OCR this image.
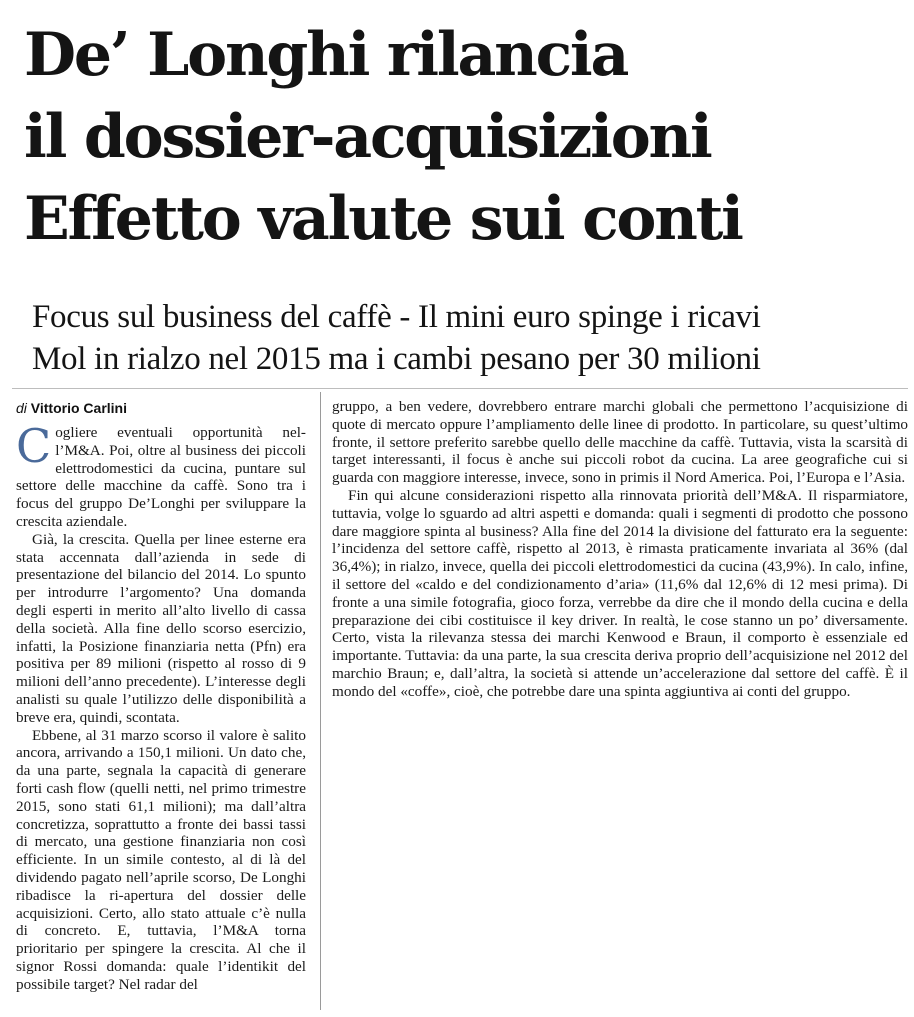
De’ Longhi rilancia
il dossier-acquisizioni
Effetto valute sui conti
Focus sul business del caffè - Il mini euro spinge i ricavi
Mol in rialzo nel 2015 ma i cambi pesano per 30 milioni
di Vittorio Carlini

Cogliere eventuali opportunità nel-l’M&A. Poi, oltre al business dei piccoli elettrodomestici da cucina, puntare sul settore delle macchine da caffè. Sono tra i focus del gruppo De’Longhi per sviluppare la crescita aziendale.

Già, la crescita. Quella per linee esterne era stata accennata dall’azienda in sede di presentazione del bilancio del 2014. Lo spunto per introdurre l’argomento? Una domanda degli esperti in merito all’alto livello di cassa della società. Alla fine dello scorso esercizio, infatti, la Posizione finanziaria netta (Pfn) era positiva per 89 milioni (rispetto al rosso di 9 milioni dell’anno precedente). L’interesse degli analisti su quale l’utilizzo delle disponibilità a breve era, quindi, scontata.

Ebbene, al 31 marzo scorso il valore è salito ancora, arrivando a 150,1 milioni. Un dato che, da una parte, segnala la capacità di generare forti cash flow (quelli netti, nel primo trimestre 2015, sono stati 61,1 milioni); ma dall’altra concretizza, soprattutto a fronte dei bassi tassi di mercato, una gestione finanziaria non così efficiente. In un simile contesto, al di là del dividendo pagato nell’aprile scorso, De Longhi ribadisce la ri-apertura del dossier delle acquisizioni. Certo, allo stato attuale c’è nulla di concreto. E, tuttavia, l’M&A torna prioritario per spingere la crescita. Al che il signor Rossi domanda: quale l’identikit del possibile target? Nel radar del

gruppo, a ben vedere, dovrebbero entrare marchi globali che permettono l’acquisizione di quote di mercato oppure l’ampliamento delle linee di prodotto. In particolare, su quest’ultimo fronte, il settore preferito sarebbe quello delle macchine da caffè. Tuttavia, vista la scarsità di target interessanti, il focus è anche sui piccoli robot da cucina. La aree geografiche cui si guarda con maggiore interesse, invece, sono in primis il Nord America. Poi, l’Europa e l’Asia.

Fin qui alcune considerazioni rispetto alla rinnovata priorità dell’M&A. Il risparmiatore, tuttavia, volge lo sguardo ad altri aspetti e domanda: quali i segmenti di prodotto che possono dare maggiore spinta al business? Alla fine del 2014 la divisione del fatturato era la seguente: l’incidenza del settore caffè, rispetto al 2013, è rimasta praticamente invariata al 36% (dal 36,4%); in rialzo, invece, quella dei piccoli elettrodomestici da cucina (43,9%). In calo, infine, il settore del «caldo e del condizionamento d’aria» (11,6% dal 12,6% di 12 mesi prima). Di fronte a una simile fotografia, gioco forza, verrebbe da dire che il mondo della cucina e della preparazione dei cibi costituisce il key driver. In realtà, le cose stanno un po’ diversamente. Certo, vista la rilevanza stessa dei marchi Kenwood e Braun, il comporto è essenziale ed importante. Tuttavia: da una parte, la sua crescita deriva proprio dell’acquisizione nel 2012 del marchio Braun; e, dall’altra, la società si attende un’accelerazione dal settore del caffè. È il mondo del «coffe», cioè, che potrebbe dare una spinta aggiuntiva ai conti del gruppo.
